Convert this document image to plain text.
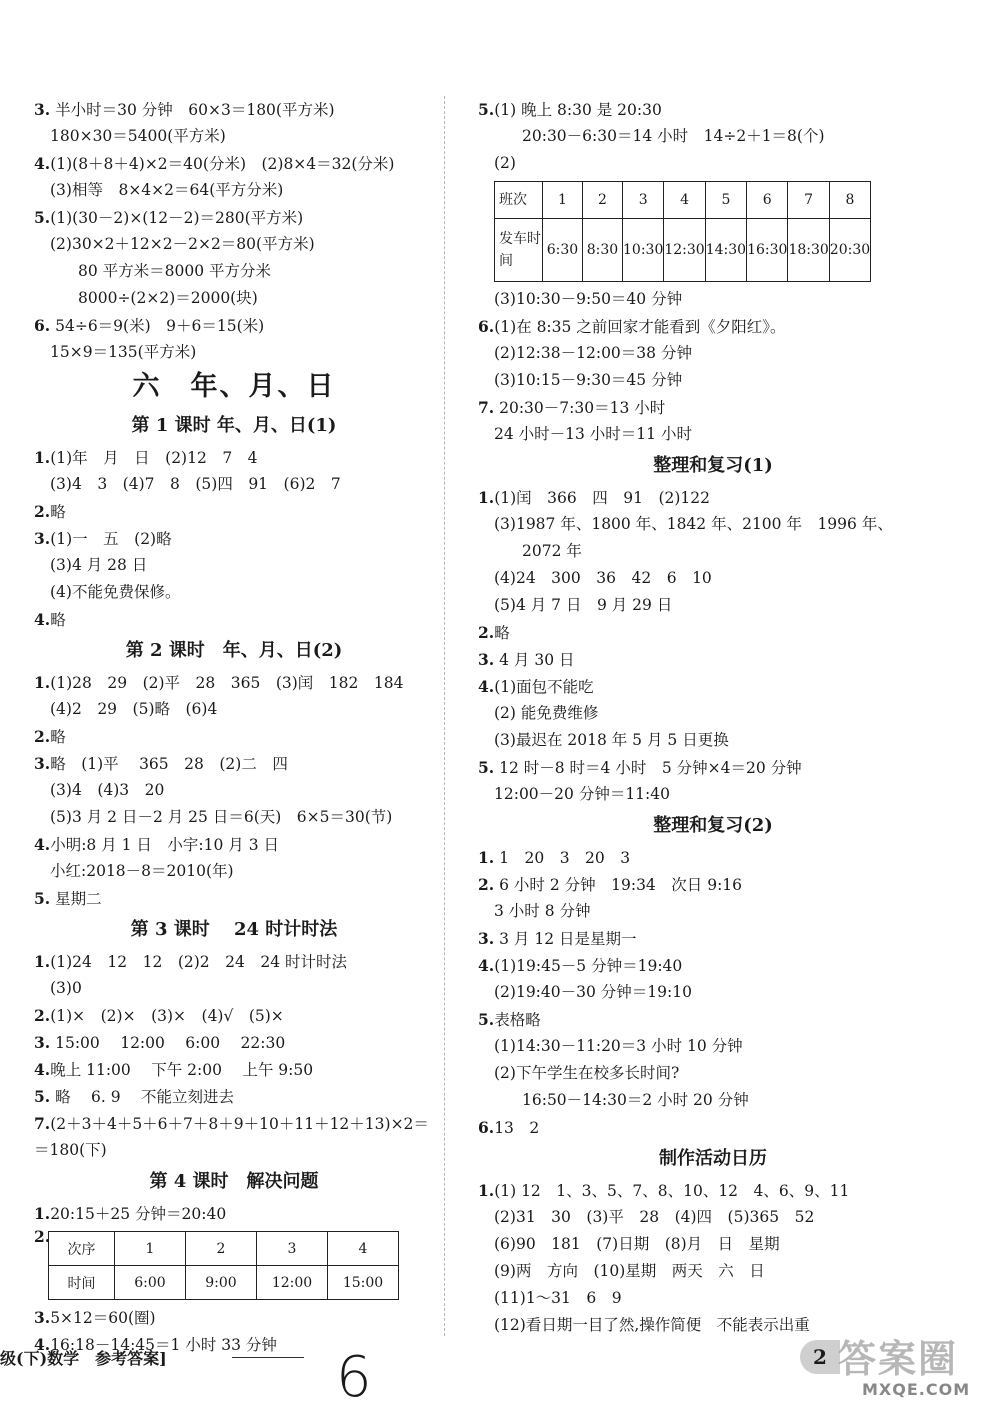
3. 半小时＝30 分钟　60×3＝180(平方米)
180×30＝5400(平方米)
4.(1)(8＋8＋4)×2＝40(分米)　(2)8×4＝32(分米)
(3)相等　8×4×2＝64(平方分米)
5.(1)(30－2)×(12－2)＝280(平方米)
(2)30×2＋12×2－2×2＝80(平方米)
80 平方米＝8000 平方分米
8000÷(2×2)＝2000(块)
6. 54÷6＝9(米)　9＋6＝15(米)
15×9＝135(平方米)
六　年、月、日
第 1 课时 年、月、日(1)
1.(1)年　月　日　(2)12　7　4
(3)4　3　(4)7　8　(5)四　91　(6)2　7
2.略
3.(1)一　五　(2)略
(3)4 月 28 日
(4)不能免费保修。
4.略
第 2 课时　年、月、日(2)
1.(1)28　29　(2)平　28　365　(3)闰　182　184
(4)2　29　(5)略　(6)4
2.略
3.略　(1)平　 365　28　(2)二　四
(3)4　(4)3　20
(5)3 月 2 日－2 月 25 日＝6(天)　6×5＝30(节)
4.小明:8 月 1 日　小宇:10 月 3 日
小红:2018－8＝2010(年)
5. 星期二
第 3 课时　 24 时计时法
1.(1)24　12　12　(2)2　24　24 时计时法
(3)0
2.(1)×　(2)×　(3)×　(4)√　(5)×
3. 15:00　 12:00　 6:00　 22:30
4.晚上 11:00　 下午 2:00　 上午 9:50
5. 略　 6. 9　 不能立刻进去
7.(2＋3＋4＋5＋6＋7＋8＋9＋10＋11＋12＋13)×2＝
＝180(下)
第 4 课时　解决问题
1.20:15＋25 分钟＝20:40
2.
次序	1	2	3	4
时间	6:00	9:00	12:00	15:00
3.5×12＝60(圈)
4.16:18－14:45＝1 小时 33 分钟
5.(1) 晚上 8:30 是 20:30
20:30－6:30＝14 小时　14÷2＋1＝8(个)
(2)
班次	1	2	3	4	5	6	7	8
发车时间	6:30	8:30	10:30	12:30	14:30	16:30	18:30	20:30
(3)10:30－9:50＝40 分钟
6.(1)在 8:35 之前回家才能看到《夕阳红》。
(2)12:38－12:00＝38 分钟
(3)10:15－9:30＝45 分钟
7. 20:30－7:30＝13 小时
24 小时－13 小时＝11 小时
整理和复习(1)
1.(1)闰　366　四　91　(2)122
(3)1987 年、1800 年、1842 年、2100 年　1996 年、
2072 年
(4)24　300　36　42　6　10
(5)4 月 7 日　9 月 29 日
2.略
3. 4 月 30 日
4.(1)面包不能吃
(2) 能免费维修
(3)最迟在 2018 年 5 月 5 日更换
5. 12 时－8 时＝4 小时　5 分钟×4＝20 分钟
12:00－20 分钟＝11:40
整理和复习(2)
1. 1　20　3　20　3
2. 6 小时 2 分钟　19:34　次日 9:16
3 小时 8 分钟
3. 3 月 12 日是星期一
4.(1)19:45－5 分钟＝19:40
(2)19:40－30 分钟＝19:10
5.表格略
(1)14:30－11:20＝3 小时 10 分钟
(2)下午学生在校多长时间?
16:50－14:30＝2 小时 20 分钟
6.13　2
制作活动日历
1.(1) 12　1、3、5、7、8、10、12　4、6、9、11
(2)31　30　(3)平　28　(4)四　(5)365　52
(6)90　181　(7)日期　(8)月　日　星期
(9)两　方向　(10)星期　两天　六　日
(11)1～31　6　9
(12)看日期一目了然,操作简便　不能表示出重
级(下)数学　参考答案]	6	2 答案圈
MXQE.COM
